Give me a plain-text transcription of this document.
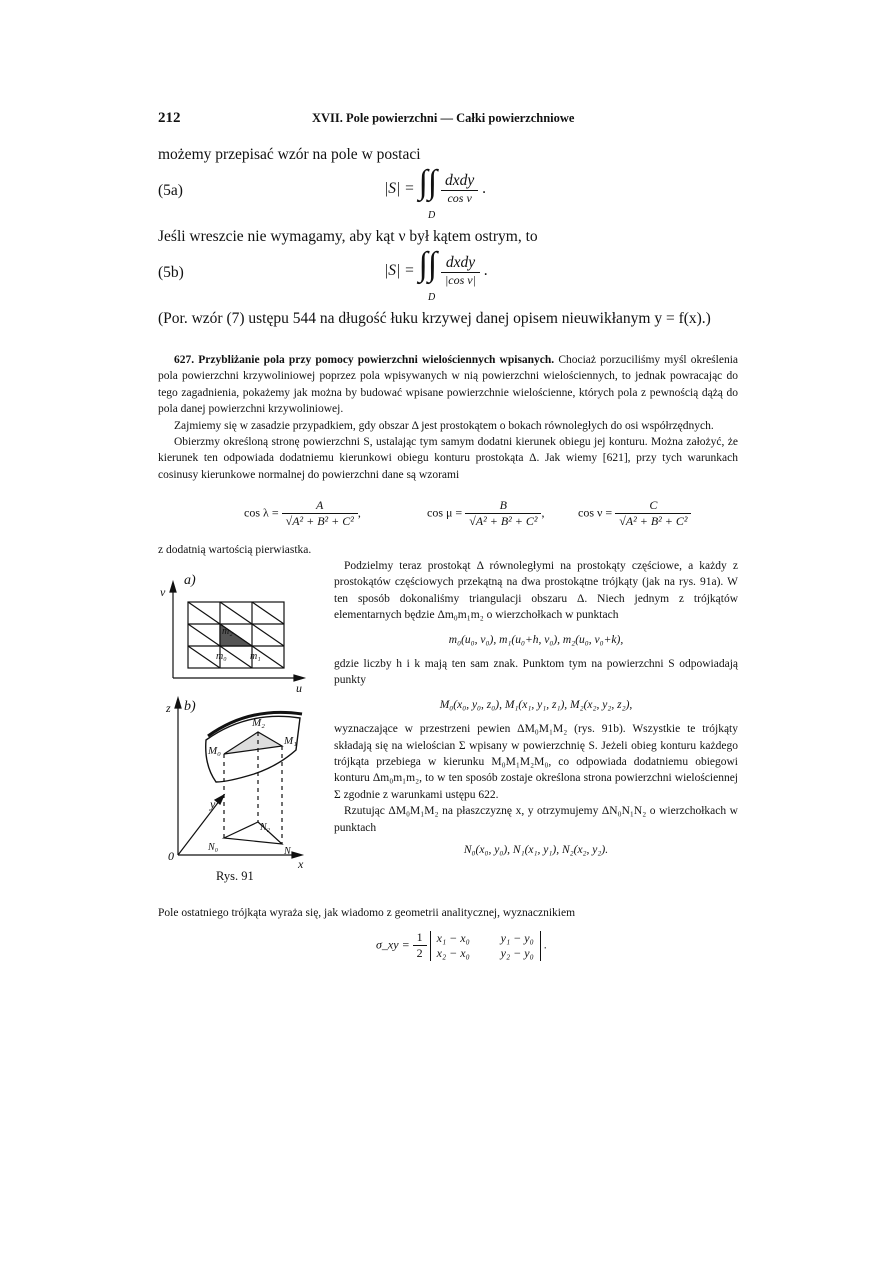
212	XVII. Pole powierzchni — Całki powierzchniowe
możemy przepisać wzór na pole w postaci
(5a)	|S| = ∫∫ $\frac{\text{dxdy}}{\text{cos ν}}$ .
D
Jeśli wreszcie nie wymagamy, aby kąt ν był kątem ostrym, to
(5b)	|S| = ∫∫ $\frac{\text{dxdy}}{\text{|cos ν|}}$ .
D
(Por. wzór (7) ustępu 544 na długość łuku krzywej danej opisem nieuwikłanym y = f(x).)

627. Przybliżanie pola przy pomocy powierzchni wielościennych wpisanych. Chociaż porzuciliśmy myśl określenia pola powierzchni krzywoliniowej poprzez pola wpisywanych w nią powierzchni wielościennych, to jednak powracając do tego zagadnienia, pokażemy jak można by budować wpisane powierzchnie wielościenne, których pola z pewnością dążą do pola danej powierzchni krzywoliniowej.

Zajmiemy się w zasadzie przypadkiem, gdy obszar Δ jest prostokątem o bokach równoległych do osi współrzędnych.

Obierzmy określoną stronę powierzchni S, ustalając tym samym dodatni kierunek obiegu jej konturu. Można założyć, że kierunek ten odpowiada dodatniemu kierunkowi obiegu konturu prostokąta Δ. Jak wiemy [621], przy tych warunkach cosinusy kierunkowe normalnej do powierzchni dane są wzorami

$\cos \lambda = \frac{A}{\text{√A² + B² + C²}}$ ,	$\cos \mu = \frac{B}{\text{√A² + B² + C²}}$ ,	$\cos \nu = \frac{C}{\text{√A² + B² + C²}}$
z dodatnią wartością pierwiastka.
a)
v
u
m₂
m₀ m₁
b)
z
x
y
0
M₀
M₂
M₁
N₀
N₂
N₁
Rys. 91

Podzielmy teraz prostokąt Δ równoległymi na prostokąty częściowe, a każdy z prostokątów częściowych przekątną na dwa prostokątne trójkąty (jak na rys. 91a). W ten sposób dokonaliśmy triangulacji obszaru Δ. Niech jednym z trójkątów elementarnych będzie Δm₀m₁m₂ o wierzchołkach w punktach

m₀(u₀, v₀), m₁(u₀+h, v₀), m₂(u₀, v₀+k),

gdzie liczby h i k mają ten sam znak. Punktom tym na powierzchni S odpowiadają punkty

M₀(x₀, y₀, z₀), M₁(x₁, y₁, z₁), M₂(x₂, y₂, z₂),

wyznaczające w przestrzeni pewien ΔM₀M₁M₂ (rys. 91b). Wszystkie te trójkąty składają się na wielościan Σ wpisany w powierzchnię S. Jeżeli obieg konturu każdego trójkąta przebiega w kierunku M₀M₁M₂M₀, co odpowiada dodatniemu obiegowi konturu Δm₀m₁m₂, to w ten sposób zostaje określona strona powierzchni wielościennej Σ zgodnie z warunkami ustępu 622.

Rzutując ΔM₀M₁M₂ na płaszczyznę x, y otrzymujemy ΔN₀N₁N₂ o wierzchołkach w punktach

N₀(x₀, y₀), N₁(x₁, y₁), N₂(x₂, y₂).

Pole ostatniego trójkąta wyraża się, jak wiadomo z geometrii analitycznej, wyznacznikiem
σ_xy = $\frac{1}{2}$
x₁ − x₀	y₁ − y₀
x₂ − x₀	y₂ − y₀
.
